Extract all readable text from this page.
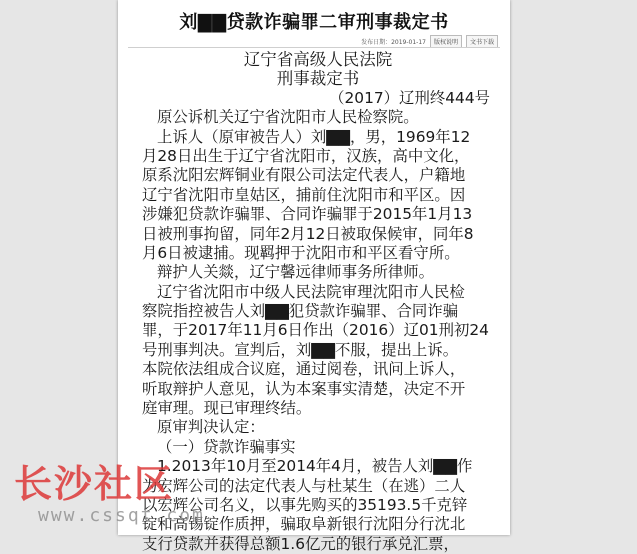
刘▇▇贷款诈骗罪二审刑事裁定书
发布日期：2019-01-17	版权说明	文书下载
辽宁省高级人民法院
刑事裁定书
（2017）辽刑终444号
原公诉机关辽宁省沈阳市人民检察院。
上诉人（原审被告人）刘▇▇，男，1969年12
月28日出生于辽宁省沈阳市，汉族，高中文化，
原系沈阳宏辉铜业有限公司法定代表人，户籍地
辽宁省沈阳市皇姑区，捕前住沈阳市和平区。因
涉嫌犯贷款诈骗罪、合同诈骗罪于2015年1月13
日被刑事拘留，同年2月12日被取保候审，同年8
月6日被逮捕。现羁押于沈阳市和平区看守所。
辩护人关燚，辽宁馨远律师事务所律师。
辽宁省沈阳市中级人民法院审理沈阳市人民检
察院指控被告人刘▇▇犯贷款诈骗罪、合同诈骗
罪，于2017年11月6日作出（2016）辽01刑初24
号刑事判决。宣判后，刘▇▇不服，提出上诉。
本院依法组成合议庭，通过阅卷，讯问上诉人，
听取辩护人意见，认为本案事实清楚，决定不开
庭审理。现已审理终结。
原审判决认定：
（一）贷款诈骗事实
1.2013年10月至2014年4月，被告人刘▇▇作
为宏辉公司的法定代表人与杜某生（在逃）二人
以宏辉公司名义，以事先购买的35193.5千克锌
锭和高锡锭作质押，骗取阜新银行沈阳分行沈北
支行贷款并获得总额1.6亿元的银行承兑汇票，
长沙社区
www.cssqt.com
